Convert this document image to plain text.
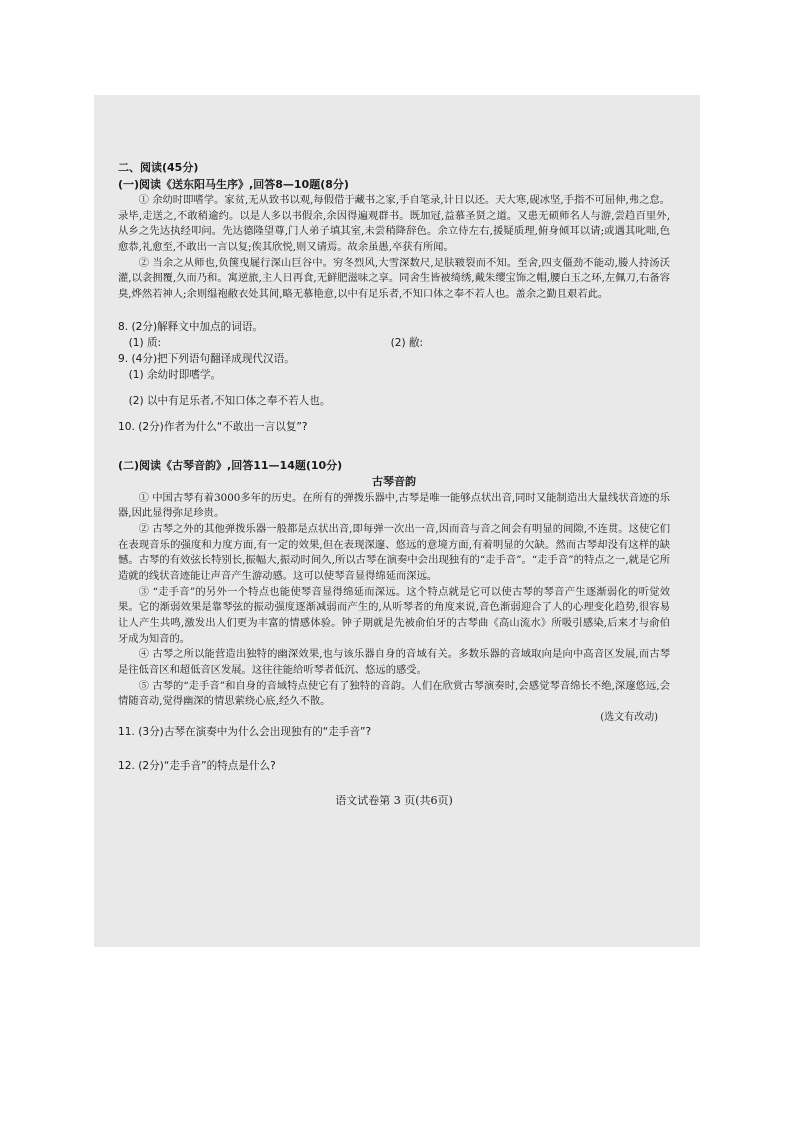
二、阅读(45分)
(一)阅读《送东阳马生序》,回答8—10题(8分)

① 余幼时即嗜学。家贫,无从致书以观,每假借于藏书之家,手自笔录,计日以还。天大寒,砚冰坚,手指不可屈伸,弗之怠。录毕,走送之,不敢稍逾约。以是人多以书假余,余因得遍观群书。既加冠,益慕圣贤之道。又患无硕师名人与游,尝趋百里外,从乡之先达执经叩问。先达德隆望尊,门人弟子填其室,未尝稍降辞色。余立侍左右,援疑质理,俯身倾耳以请;或遇其叱咄,色愈恭,礼愈至,不敢出一言以复;俟其欣悦,则又请焉。故余虽愚,卒获有所闻。

② 当余之从师也,负箧曳屣行深山巨谷中。穷冬烈风,大雪深数尺,足肤皲裂而不知。至舍,四支僵劲不能动,媵人持汤沃灌,以衾拥覆,久而乃和。寓逆旅,主人日再食,无鲜肥滋味之享。同舍生皆被绮绣,戴朱缨宝饰之帽,腰白玉之环,左佩刀,右备容臭,烨然若神人;余则缊袍敝衣处其间,略无慕艳意,以中有足乐者,不知口体之奉不若人也。盖余之勤且艰若此。

8. (2分)解释文中加点的词语。

(1) 质:	(2) 敝:

9. (4分)把下列语句翻译成现代汉语。

(1) 余幼时即嗜学。

(2) 以中有足乐者,不知口体之奉不若人也。

10. (2分)作者为什么“不敢出一言以复”?

(二)阅读《古琴音韵》,回答11—14题(10分)
古琴音韵

① 中国古琴有着3000多年的历史。在所有的弹拨乐器中,古琴是唯一能够点状出音,同时又能制造出大量线状音迹的乐器,因此显得弥足珍贵。

② 古琴之外的其他弹拨乐器一般都是点状出音,即每弹一次出一音,因而音与音之间会有明显的间隙,不连贯。这使它们在表现音乐的强度和力度方面,有一定的效果,但在表现深邃、悠远的意境方面,有着明显的欠缺。然而古琴却没有这样的缺憾。古琴的有效弦长特别长,振幅大,振动时间久,所以古琴在演奏中会出现独有的“走手音”。“走手音”的特点之一,就是它所造就的线状音迹能让声音产生游动感。这可以使琴音显得绵延而深远。

③ “走手音”的另外一个特点也能使琴音显得绵延而深远。这个特点就是它可以使古琴的琴音产生逐渐弱化的听觉效果。它的渐弱效果是靠琴弦的振动强度逐渐减弱而产生的,从听琴者的角度来说,音色渐弱迎合了人的心理变化趋势,很容易让人产生共鸣,激发出人们更为丰富的情感体验。钟子期就是先被俞伯牙的古琴曲《高山流水》所吸引感染,后来才与俞伯牙成为知音的。

④ 古琴之所以能营造出独特的幽深效果,也与该乐器自身的音域有关。多数乐器的音域取向是向中高音区发展,而古琴是往低音区和超低音区发展。这往往能给听琴者低沉、悠远的感受。

⑤ 古琴的“走手音”和自身的音域特点使它有了独特的音韵。人们在欣赏古琴演奏时,会感觉琴音绵长不绝,深邃悠远,会情随音动,觉得幽深的情思萦绕心底,经久不散。

(选文有改动)

11. (3分)古琴在演奏中为什么会出现独有的“走手音”?

12. (2分)“走手音”的特点是什么?

语文试卷第 3 页(共6页)
